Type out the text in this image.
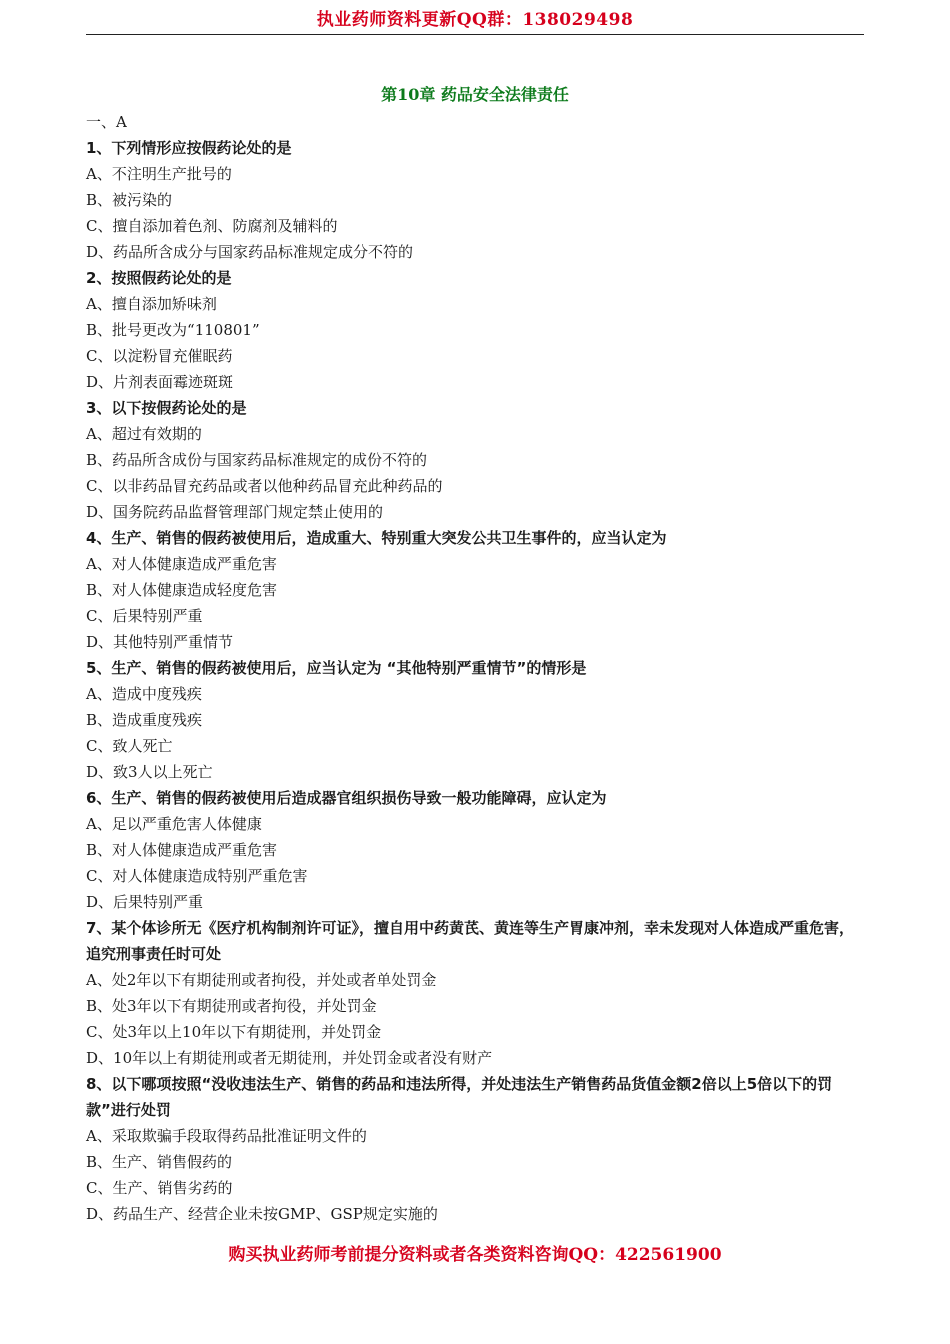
执业药师资料更新QQ群：138029498
第10章 药品安全法律责任
一、A
1、下列情形应按假药论处的是
A、不注明生产批号的
B、被污染的
C、擅自添加着色剂、防腐剂及辅料的
D、药品所含成分与国家药品标准规定成分不符的
2、按照假药论处的是
A、擅自添加矫味剂
B、批号更改为“110801”
C、以淀粉冒充催眠药
D、片剂表面霉迹斑斑
3、以下按假药论处的是
A、超过有效期的
B、药品所含成份与国家药品标准规定的成份不符的
C、以非药品冒充药品或者以他种药品冒充此种药品的
D、国务院药品监督管理部门规定禁止使用的
4、生产、销售的假药被使用后，造成重大、特别重大突发公共卫生事件的，应当认定为
A、对人体健康造成严重危害
B、对人体健康造成轻度危害
C、后果特别严重
D、其他特别严重情节
5、生产、销售的假药被使用后，应当认定为 “其他特别严重情节”的情形是
A、造成中度残疾
B、造成重度残疾
C、致人死亡
D、致3人以上死亡
6、生产、销售的假药被使用后造成器官组织损伤导致一般功能障碍，应认定为
A、足以严重危害人体健康
B、对人体健康造成严重危害
C、对人体健康造成特别严重危害
D、后果特别严重
7、某个体诊所无《医疗机构制剂许可证》，擅自用中药黄芪、黄连等生产胃康冲剂，幸未发现对人体造成严重危害，追究刑事责任时可处
A、处2年以下有期徒刑或者拘役，并处或者单处罚金
B、处3年以下有期徒刑或者拘役，并处罚金
C、处3年以上10年以下有期徒刑，并处罚金
D、10年以上有期徒刑或者无期徒刑，并处罚金或者没有财产
8、以下哪项按照“没收违法生产、销售的药品和违法所得，并处违法生产销售药品货值金额2倍以上5倍以下的罚款”进行处罚
A、采取欺骗手段取得药品批准证明文件的
B、生产、销售假药的
C、生产、销售劣药的
D、药品生产、经营企业未按GMP、GSP规定实施的
购买执业药师考前提分资料或者各类资料咨询QQ：422561900
